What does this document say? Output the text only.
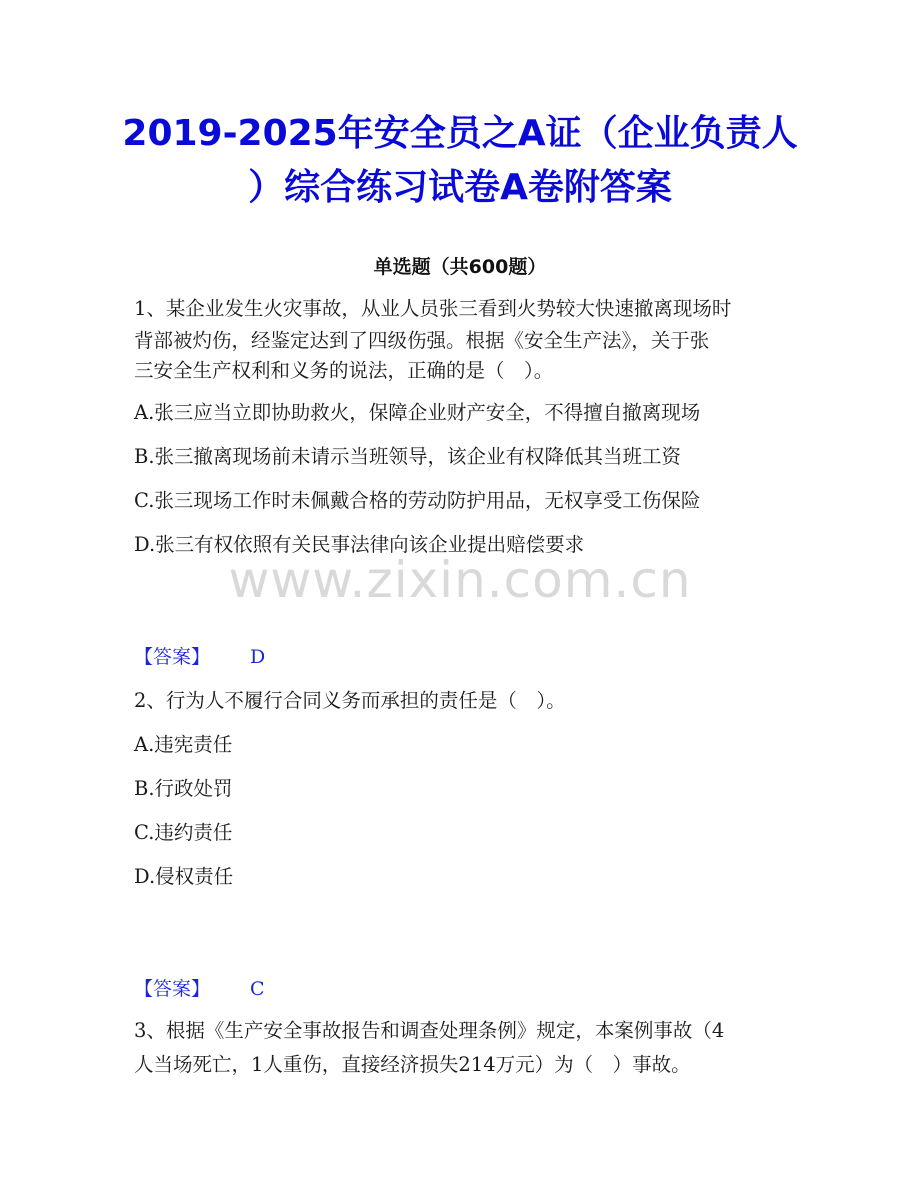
2019-2025年安全员之A证（企业负责人
）综合练习试卷A卷附答案
单选题（共600题）
1、某企业发生火灾事故，从业人员张三看到火势较大快速撤离现场时
背部被灼伤，经鉴定达到了四级伤强。根据《安全生产法》，关于张
三安全生产权利和义务的说法，正确的是（　）。
A.张三应当立即协助救火，保障企业财产安全，不得擅自撤离现场
B.张三撤离现场前未请示当班领导，该企业有权降低其当班工资
C.张三现场工作时未佩戴合格的劳动防护用品，无权享受工伤保险
D.张三有权依照有关民事法律向该企业提出赔偿要求
www.zixin.com.cn
【答案】 D
2、行为人不履行合同义务而承担的责任是（　）。
A.违宪责任
B.行政处罚
C.违约责任
D.侵权责任
【答案】 C
3、根据《生产安全事故报告和调查处理条例》规定，本案例事故（4
人当场死亡，1人重伤，直接经济损失214万元）为（　）事故。
